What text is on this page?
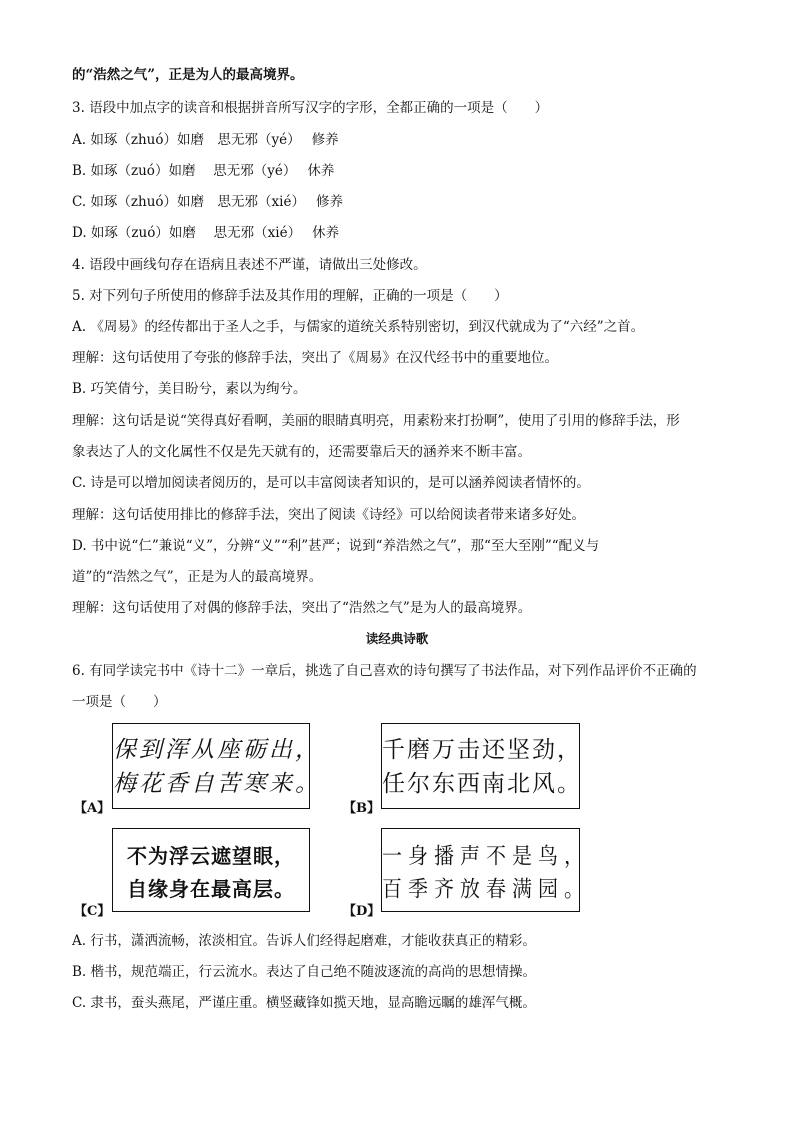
的“浩然之气”，正是为人的最高境界。
3. 语段中加点字的读音和根据拼音所写汉字的字形，全都正确的一项是（　　）
A. 如琢（zhuó）如磨　思无邪（yé）　 修养
B. 如琢（zuó）如磨　 思无邪（yé）　 休养
C. 如琢（zhuó）如磨　思无邪（xié）　 修养
D. 如琢（zuó）如磨　 思无邪（xié）　 休养
4. 语段中画线句存在语病且表述不严谨，请做出三处修改。
5. 对下列句子所使用的修辞手法及其作用的理解，正确的一项是（　　）
A. 《周易》的经传都出于圣人之手，与儒家的道统关系特别密切，到汉代就成为了“六经”之首。
理解：这句话使用了夸张的修辞手法，突出了《周易》在汉代经书中的重要地位。
B. 巧笑倩兮，美目盼兮，素以为绚兮。
理解：这句话是说“笑得真好看啊，美丽的眼睛真明亮，用素粉来打扮啊”，使用了引用的修辞手法，形
象表达了人的文化属性不仅是先天就有的，还需要靠后天的涵养来不断丰富。
C. 诗是可以增加阅读者阅历的，是可以丰富阅读者知识的，是可以涵养阅读者情怀的。
理解：这句话使用排比的修辞手法，突出了阅读《诗经》可以给阅读者带来诸多好处。
D. 书中说“仁”兼说“义”，分辨“义”“利”甚严；说到“养浩然之气”，那“至大至刚”“配义与
道”的“浩然之气”，正是为人的最高境界。
理解：这句话使用了对偶的修辞手法，突出了“浩然之气”是为人的最高境界。
读经典诗歌
6. 有同学读完书中《诗十二》一章后，挑选了自己喜欢的诗句撰写了书法作品，对下列作品评价不正确的
一项是（　　）
保到浑从座砺出，
梅花香自苦寒来。
【A】
千磨万击还坚劲，
任尔东西南北风。
【B】
不为浮云遮望眼，
自缘身在最高层。
【C】
一身播声不是鸟，
百季齐放春满园。
【D】
A. 行书，潇洒流畅，浓淡相宜。告诉人们经得起磨难，才能收获真正的精彩。
B. 楷书，规范端正，行云流水。表达了自己绝不随波逐流的高尚的思想情操。
C. 隶书，蚕头燕尾，严谨庄重。横竖藏锋如揽天地，显高瞻远瞩的雄浑气概。
